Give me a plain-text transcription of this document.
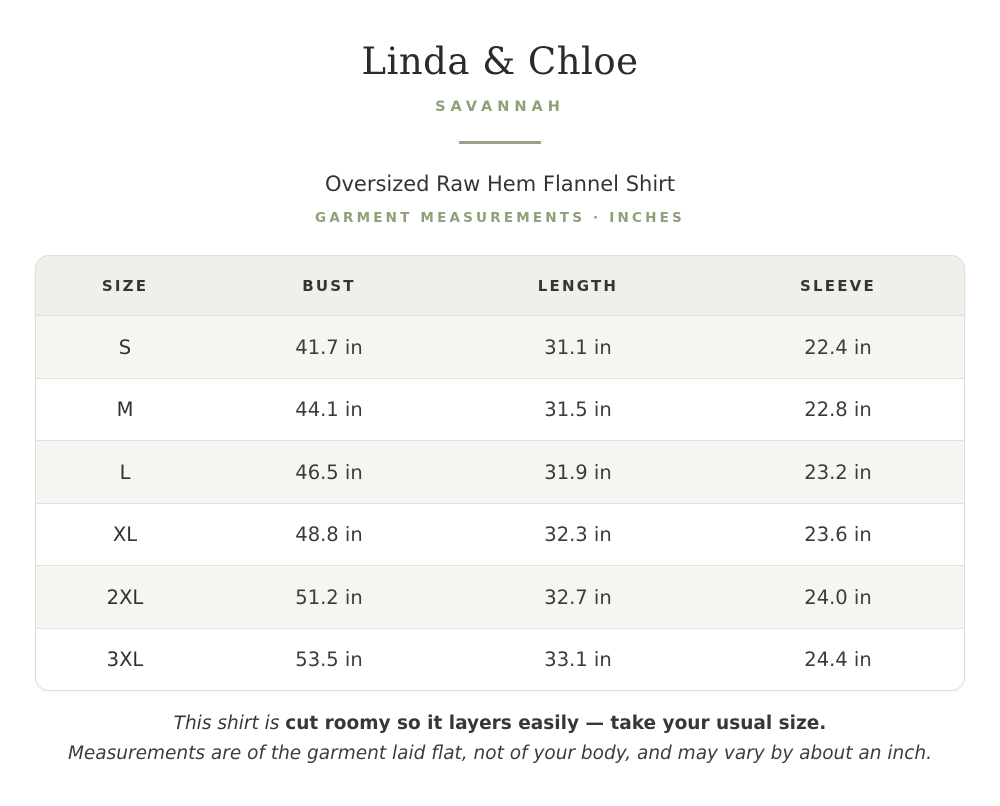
Linda & Chloe
SAVANNAH
Oversized Raw Hem Flannel Shirt
GARMENT MEASUREMENTS · INCHES
SIZE	BUST	LENGTH	SLEEVE
S	41.7 in	31.1 in	22.4 in
M	44.1 in	31.5 in	22.8 in
L	46.5 in	31.9 in	23.2 in
XL	48.8 in	32.3 in	23.6 in
2XL	51.2 in	32.7 in	24.0 in
3XL	53.5 in	33.1 in	24.4 in
This shirt is cut roomy so it layers easily — take your usual size.
Measurements are of the garment laid flat, not of your body, and may vary by about an inch.
